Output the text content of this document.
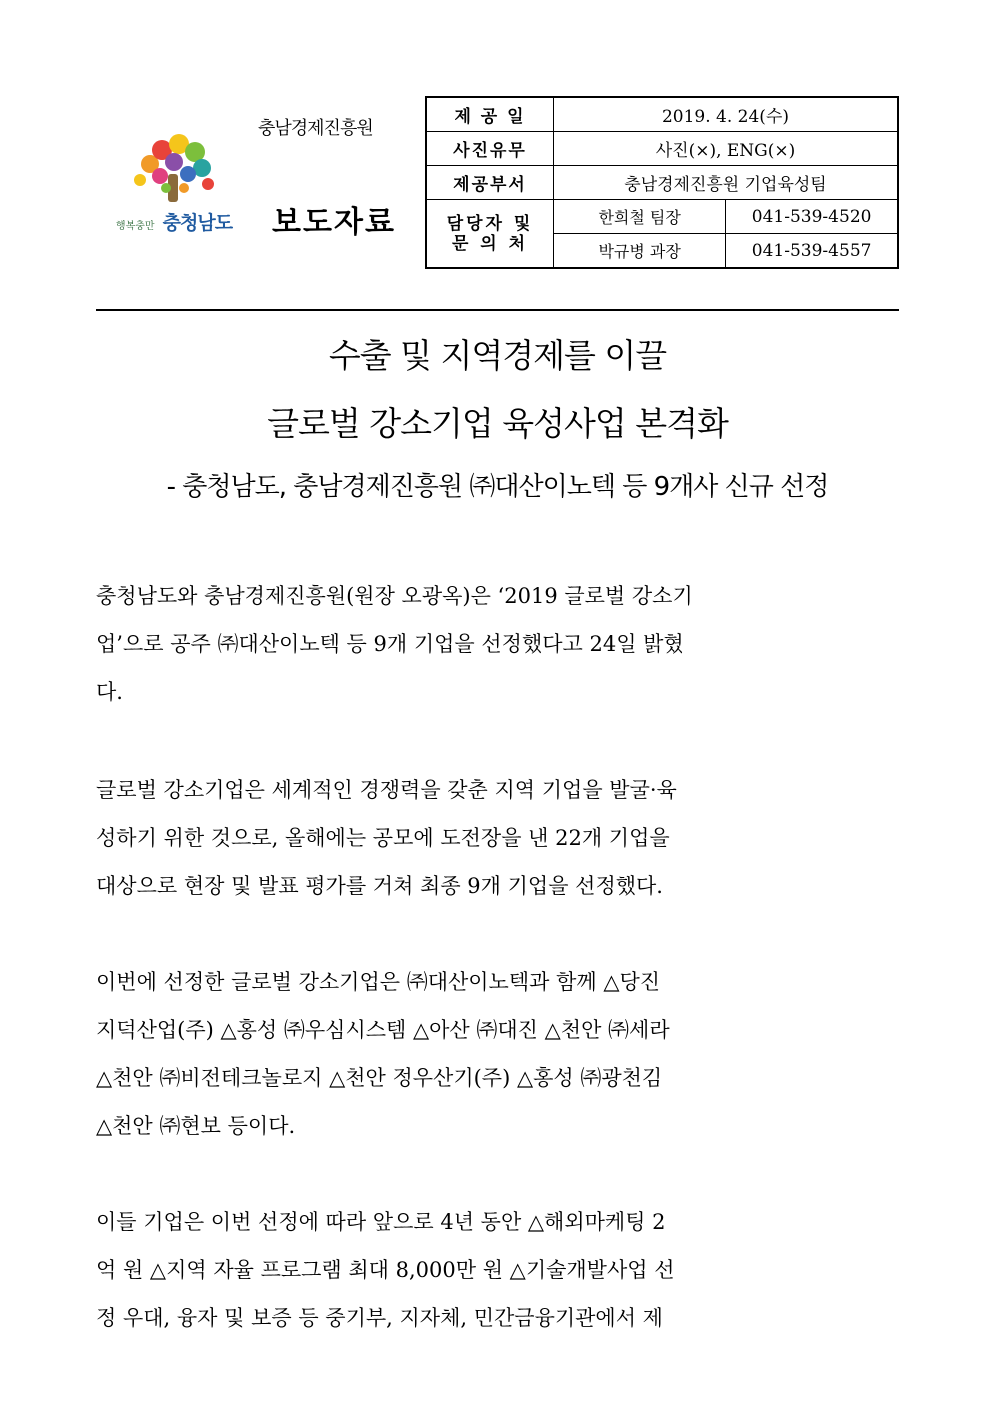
행복충만 충청남도
충남경제진흥원
보도자료
제 공 일	2019. 4. 24(수)	
사진유무	사진(×), ENG(×)	
제공부서	충남경제진흥원 기업육성팀	
담당자 및
문 의 처	한희철 팀장	041-539-4520
	박규병 과장	041-539-4557
수출 및 지역경제를 이끌
글로벌 강소기업 육성사업 본격화
- 충청남도, 충남경제진흥원 ㈜대산이노텍 등 9개사 신규 선정
충청남도와 충남경제진흥원(원장 오광옥)은 ‘2019 글로벌 강소기
업’으로 공주 ㈜대산이노텍 등 9개 기업을 선정했다고 24일 밝혔
다.
글로벌 강소기업은 세계적인 경쟁력을 갖춘 지역 기업을 발굴·육
성하기 위한 것으로, 올해에는 공모에 도전장을 낸 22개 기업을
대상으로 현장 및 발표 평가를 거쳐 최종 9개 기업을 선정했다.
이번에 선정한 글로벌 강소기업은 ㈜대산이노텍과 함께 △당진
지덕산업(주) △홍성 ㈜우심시스템 △아산 ㈜대진 △천안 ㈜세라
△천안 ㈜비전테크놀로지 △천안 정우산기(주) △홍성 ㈜광천김
△천안 ㈜현보 등이다.
이들 기업은 이번 선정에 따라 앞으로 4년 동안 △해외마케팅 2
억 원 △지역 자율 프로그램 최대 8,000만 원 △기술개발사업 선
정 우대, 융자 및 보증 등 중기부, 지자체, 민간금융기관에서 제
